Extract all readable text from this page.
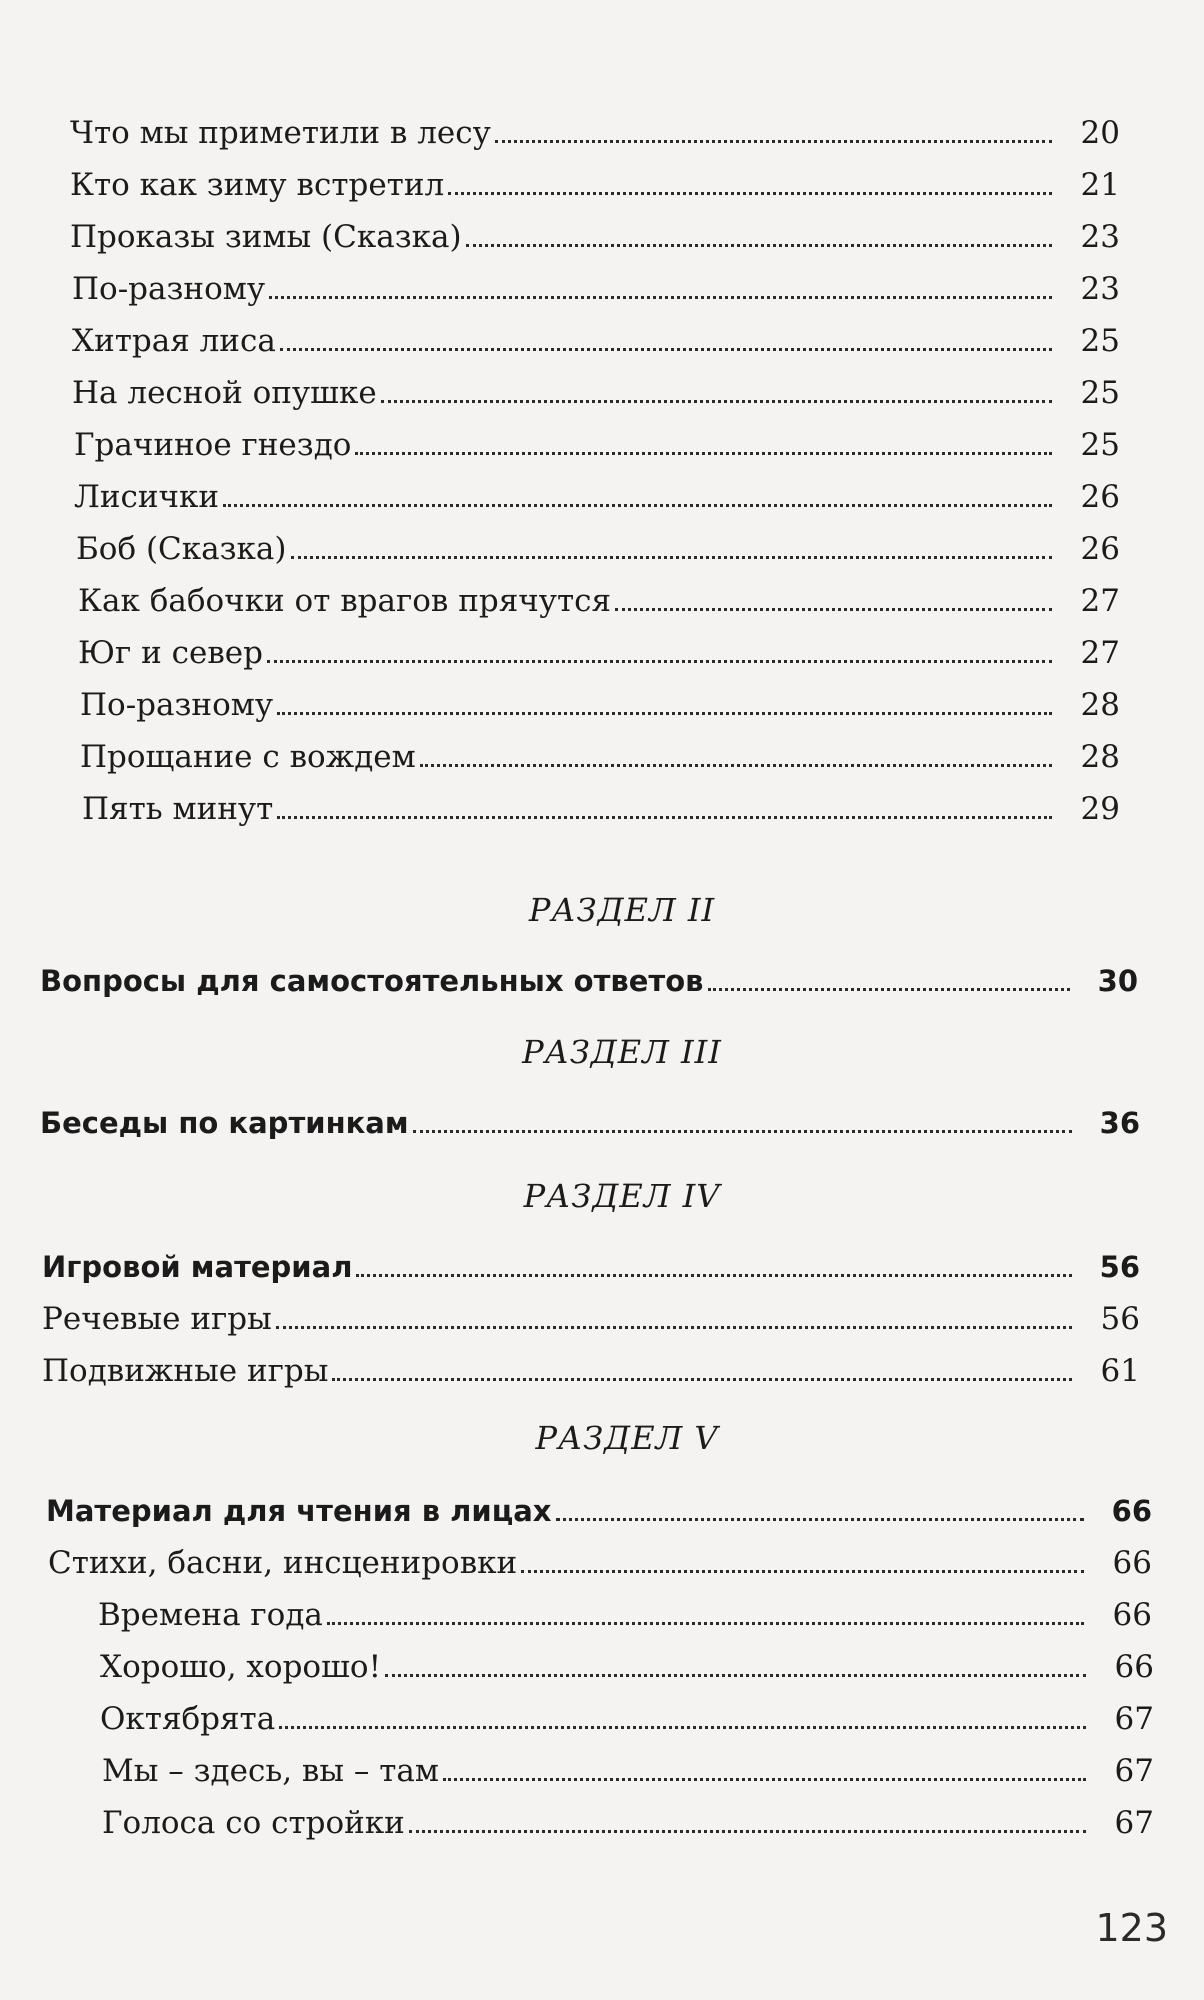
Что мы приметили в лесу	20
Кто как зиму встретил	21
Проказы зимы (Сказка)	23
По-разному	23
Хитрая лиса	25
На лесной опушке	25
Грачиное гнездо	25
Лисички	26
Боб (Сказка)	26
Как бабочки от врагов прячутся	27
Юг и север	27
По-разному	28
Прощание с вождем	28
Пять минут	29
РАЗДЕЛ II
Вопросы для самостоятельных ответов	30
РАЗДЕЛ III
Беседы по картинкам	36
РАЗДЕЛ IV
Игровой материал	56
Речевые игры	56
Подвижные игры	61
РАЗДЕЛ V
Материал для чтения в лицах	66
Стихи, басни, инсценировки	66
Времена года	66
Хорошо, хорошо!	66
Октябрята	67
Мы – здесь, вы – там	67
Голоса со стройки	67
123
